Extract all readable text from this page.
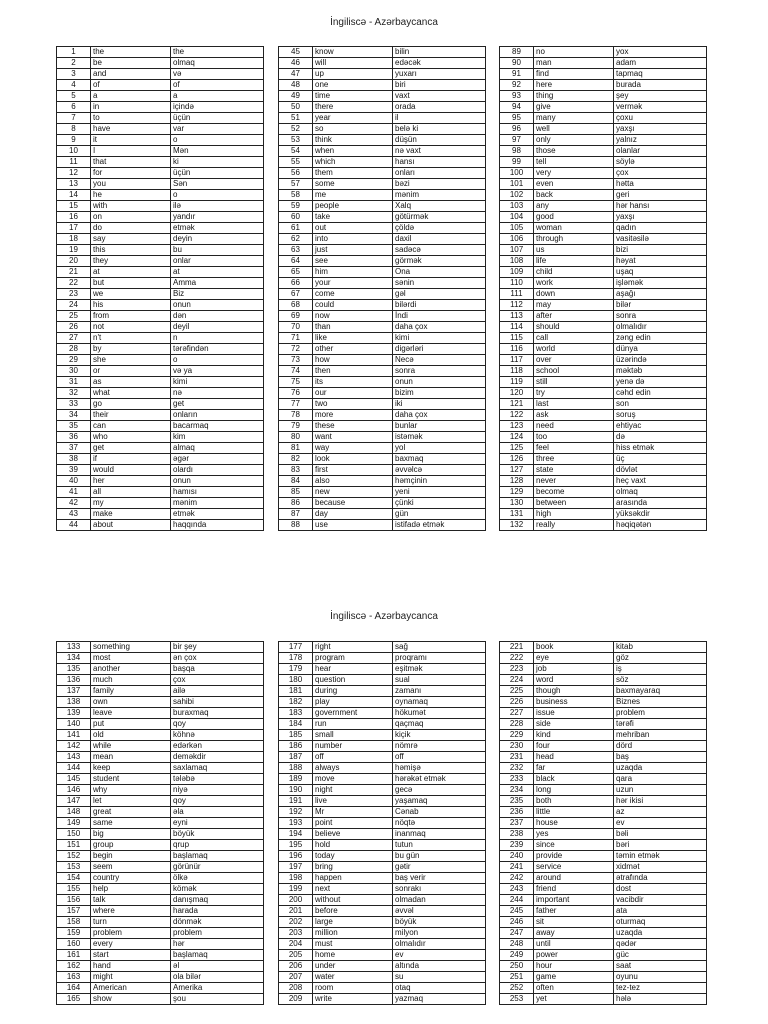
İngiliscə - Azərbaycanca
1	the	the
2	be	olmaq
3	and	və
4	of	of
5	a	a
6	in	içində
7	to	üçün
8	have	var
9	it	o
10	I	Mən
11	that	ki
12	for	üçün
13	you	Sən
14	he	o
15	with	ilə
16	on	yandır
17	do	etmək
18	say	deyin
19	this	bu
20	they	onlar
21	at	at
22	but	Amma
23	we	Biz
24	his	onun
25	from	dən
26	not	deyil
27	n't	n
28	by	tərəfindən
29	she	o
30	or	və ya
31	as	kimi
32	what	nə
33	go	get
34	their	onların
35	can	bacarmaq
36	who	kim
37	get	almaq
38	if	əgər
39	would	olardı
40	her	onun
41	all	hamısı
42	my	mənim
43	make	etmək
44	about	haqqında
45	know	bilin
46	will	edəcək
47	up	yuxarı
48	one	biri
49	time	vaxt
50	there	orada
51	year	il
52	so	belə ki
53	think	düşün
54	when	nə vaxt
55	which	hansı
56	them	onları
57	some	bəzi
58	me	mənim
59	people	Xalq
60	take	götürmək
61	out	çöldə
62	into	daxil
63	just	sadəcə
64	see	görmək
65	him	Ona
66	your	sənin
67	come	gəl
68	could	bilərdi
69	now	İndi
70	than	daha çox
71	like	kimi
72	other	digərləri
73	how	Necə
74	then	sonra
75	its	onun
76	our	bizim
77	two	iki
78	more	daha çox
79	these	bunlar
80	want	istəmək
81	way	yol
82	look	baxmaq
83	first	əvvəlcə
84	also	həmçinin
85	new	yeni
86	because	çünki
87	day	gün
88	use	istifadə etmək
89	no	yox
90	man	adam
91	find	tapmaq
92	here	burada
93	thing	şey
94	give	vermək
95	many	çoxu
96	well	yaxşı
97	only	yalnız
98	those	olanlar
99	tell	söylə
100	very	çox
101	even	hətta
102	back	geri
103	any	hər hansı
104	good	yaxşı
105	woman	qadın
106	through	vasitəsilə
107	us	bizi
108	life	həyat
109	child	uşaq
110	work	işləmək
111	down	aşağı
112	may	bilər
113	after	sonra
114	should	olmalıdır
115	call	zəng edin
116	world	dünya
117	over	üzərində
118	school	məktəb
119	still	yenə də
120	try	cəhd edin
121	last	son
122	ask	soruş
123	need	ehtiyac
124	too	də
125	feel	hiss etmək
126	three	üç
127	state	dövlət
128	never	heç vaxt
129	become	olmaq
130	between	arasında
131	high	yüksəkdir
132	really	həqiqətən
İngiliscə - Azərbaycanca
133	something	bir şey
134	most	ən çox
135	another	başqa
136	much	çox
137	family	ailə
138	own	sahibi
139	leave	buraxmaq
140	put	qoy
141	old	köhnə
142	while	edərkən
143	mean	deməkdir
144	keep	saxlamaq
145	student	tələbə
146	why	niyə
147	let	qoy
148	great	əla
149	same	eyni
150	big	böyük
151	group	qrup
152	begin	başlamaq
153	seem	görünür
154	country	ölkə
155	help	kömək
156	talk	danışmaq
157	where	harada
158	turn	dönmək
159	problem	problem
160	every	hər
161	start	başlamaq
162	hand	əl
163	might	ola bilər
164	American	Amerika
165	show	şou
177	right	sağ
178	program	proqramı
179	hear	eşitmək
180	question	sual
181	during	zamanı
182	play	oynamaq
183	government	hökumət
184	run	qaçmaq
185	small	kiçik
186	number	nömrə
187	off	off
188	always	həmişə
189	move	hərəkət etmək
190	night	gecə
191	live	yaşamaq
192	Mr	Cənab
193	point	nöqtə
194	believe	inanmaq
195	hold	tutun
196	today	bu gün
197	bring	gətir
198	happen	baş verir
199	next	sonrakı
200	without	olmadan
201	before	əvvəl
202	large	böyük
203	million	milyon
204	must	olmalıdır
205	home	ev
206	under	altında
207	water	su
208	room	otaq
209	write	yazmaq
221	book	kitab
222	eye	göz
223	job	iş
224	word	söz
225	though	baxmayaraq
226	business	Biznes
227	issue	problem
228	side	tərəfi
229	kind	mehriban
230	four	dörd
231	head	baş
232	far	uzaqda
233	black	qara
234	long	uzun
235	both	hər ikisi
236	little	az
237	house	ev
238	yes	bəli
239	since	bəri
240	provide	təmin etmək
241	service	xidmət
242	around	ətrafında
243	friend	dost
244	important	vacibdir
245	father	ata
246	sit	oturmaq
247	away	uzaqda
248	until	qədər
249	power	güc
250	hour	saat
251	game	oyunu
252	often	tez-tez
253	yet	hələ
